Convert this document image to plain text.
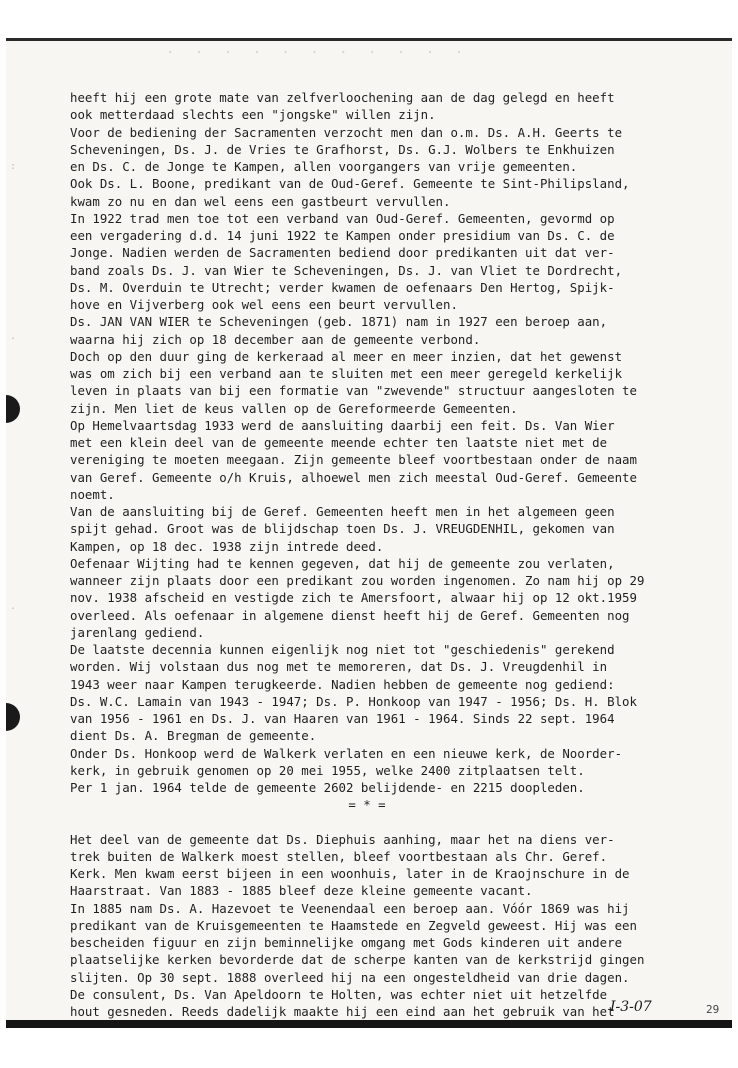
. . . . . . . . . . .
:
.
.
heeft hij een grote mate van zelfverloochening aan de dag gelegd en heeft
ook metterdaad slechts een "jongske" willen zijn.
Voor de bediening der Sacramenten verzocht men dan o.m. Ds. A.H. Geerts te
Scheveningen, Ds. J. de Vries te Grafhorst, Ds. G.J. Wolbers te Enkhuizen
en Ds. C. de Jonge te Kampen, allen voorgangers van vrije gemeenten.
Ook Ds. L. Boone, predikant van de Oud-Geref. Gemeente te Sint-Philipsland,
kwam zo nu en dan wel eens een gastbeurt vervullen.
In 1922 trad men toe tot een verband van Oud-Geref. Gemeenten, gevormd op
een vergadering d.d. 14 juni 1922 te Kampen onder presidium van Ds. C. de
Jonge. Nadien werden de Sacramenten bediend door predikanten uit dat ver-
band zoals Ds. J. van Wier te Scheveningen, Ds. J. van Vliet te Dordrecht,
Ds. M. Overduin te Utrecht; verder kwamen de oefenaars Den Hertog, Spijk-
hove en Vijverberg ook wel eens een beurt vervullen.
Ds. JAN VAN WIER te Scheveningen (geb. 1871) nam in 1927 een beroep aan,
waarna hij zich op 18 december aan de gemeente verbond.
Doch op den duur ging de kerkeraad al meer en meer inzien, dat het gewenst
was om zich bij een verband aan te sluiten met een meer geregeld kerkelijk
leven in plaats van bij een formatie van "zwevende" structuur aangesloten te
zijn. Men liet de keus vallen op de Gereformeerde Gemeenten.
Op Hemelvaartsdag 1933 werd de aansluiting daarbij een feit. Ds. Van Wier
met een klein deel van de gemeente meende echter ten laatste niet met de
vereniging te moeten meegaan. Zijn gemeente bleef voortbestaan onder de naam
van Geref. Gemeente o/h Kruis, alhoewel men zich meestal Oud-Geref. Gemeente
noemt.
Van de aansluiting bij de Geref. Gemeenten heeft men in het algemeen geen
spijt gehad. Groot was de blijdschap toen Ds. J. VREUGDENHIL, gekomen van
Kampen, op 18 dec. 1938 zijn intrede deed.
Oefenaar Wijting had te kennen gegeven, dat hij de gemeente zou verlaten,
wanneer zijn plaats door een predikant zou worden ingenomen. Zo nam hij op 29
nov. 1938 afscheid en vestigde zich te Amersfoort, alwaar hij op 12 okt.1959
overleed. Als oefenaar in algemene dienst heeft hij de Geref. Gemeenten nog
jarenlang gediend.
De laatste decennia kunnen eigenlijk nog niet tot "geschiedenis" gerekend
worden. Wij volstaan dus nog met te memoreren, dat Ds. J. Vreugdenhil in
1943 weer naar Kampen terugkeerde. Nadien hebben de gemeente nog gediend:
Ds. W.C. Lamain van 1943 - 1947; Ds. P. Honkoop van 1947 - 1956; Ds. H. Blok
van 1956 - 1961 en Ds. J. van Haaren van 1961 - 1964. Sinds 22 sept. 1964
dient Ds. A. Bregman de gemeente.
Onder Ds. Honkoop werd de Walkerk verlaten en een nieuwe kerk, de Noorder-
kerk, in gebruik genomen op 20 mei 1955, welke 2400 zitplaatsen telt.
Per 1 jan. 1964 telde de gemeente 2602 belijdende- en 2215 doopleden.
= * =
Het deel van de gemeente dat Ds. Diephuis aanhing, maar het na diens ver-
trek buiten de Walkerk moest stellen, bleef voortbestaan als Chr. Geref.
Kerk. Men kwam eerst bijeen in een woonhuis, later in de Kraojnschure in de
Haarstraat. Van 1883 - 1885 bleef deze kleine gemeente vacant.
In 1885 nam Ds. A. Hazevoet te Veenendaal een beroep aan. Vóór 1869 was hij
predikant van de Kruisgemeenten te Haamstede en Zegveld geweest. Hij was een
bescheiden figuur en zijn beminnelijke omgang met Gods kinderen uit andere
plaatselijke kerken bevorderde dat de scherpe kanten van de kerkstrijd gingen
slijten. Op 30 sept. 1888 overleed hij na een ongesteldheid van drie dagen.
De consulent, Ds. Van Apeldoorn te Holten, was echter niet uit hetzelfde
hout gesneden. Reeds dadelijk maakte hij een eind aan het gebruik van het
I-3-07	29
